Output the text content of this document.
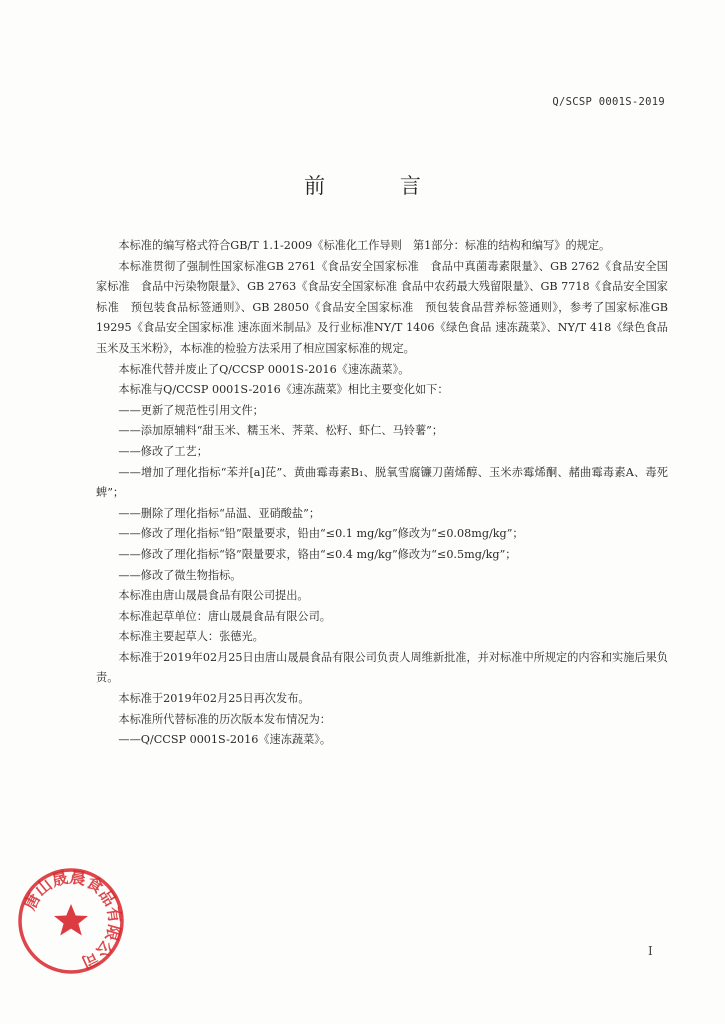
Q/SCSP 0001S-2019
前 言

本标准的编写格式符合GB/T 1.1-2009《标准化工作导则　第1部分：标准的结构和编写》的规定。

本标准贯彻了强制性国家标准GB 2761《食品安全国家标准　食品中真菌毒素限量》、GB 2762《食品安全国家标准　食品中污染物限量》、GB 2763《食品安全国家标准 食品中农药最大残留限量》、GB 7718《食品安全国家标准　预包装食品标签通则》、GB 28050《食品安全国家标准　预包装食品营养标签通则》，参考了国家标准GB 19295《食品安全国家标准 速冻面米制品》及行业标准NY/T 1406《绿色食品 速冻蔬菜》、NY/T 418《绿色食品 玉米及玉米粉》，本标准的检验方法采用了相应国家标准的规定。

本标准代替并废止了Q/CCSP 0001S-2016《速冻蔬菜》。

本标准与Q/CCSP 0001S-2016《速冻蔬菜》相比主要变化如下：

——更新了规范性引用文件；

——添加原辅料“甜玉米、糯玉米、荠菜、松籽、虾仁、马铃薯”；

——修改了工艺；

——增加了理化指标“苯并[a]芘”、黄曲霉毒素B₁、脱氧雪腐镰刀菌烯醇、玉米赤霉烯酮、赭曲霉毒素A、毒死蜱”；

——删除了理化指标“品温、亚硝酸盐”；

——修改了理化指标“铅”限量要求，铅由“≤0.1 mg/kg”修改为“≤0.08mg/kg”；

——修改了理化指标“铬”限量要求，铬由“≤0.4 mg/kg”修改为“≤0.5mg/kg”；

——修改了微生物指标。

本标准由唐山晟晨食品有限公司提出。

本标准起草单位：唐山晟晨食品有限公司。

本标准主要起草人：张德光。

本标准于2019年02月25日由唐山晟晨食品有限公司负责人周维新批准，并对标准中所规定的内容和实施后果负责。

本标准于2019年02月25日再次发布。

本标准所代替标准的历次版本发布情况为：

——Q/CCSP 0001S-2016《速冻蔬菜》。

唐山晟晨食品有限公司	I
